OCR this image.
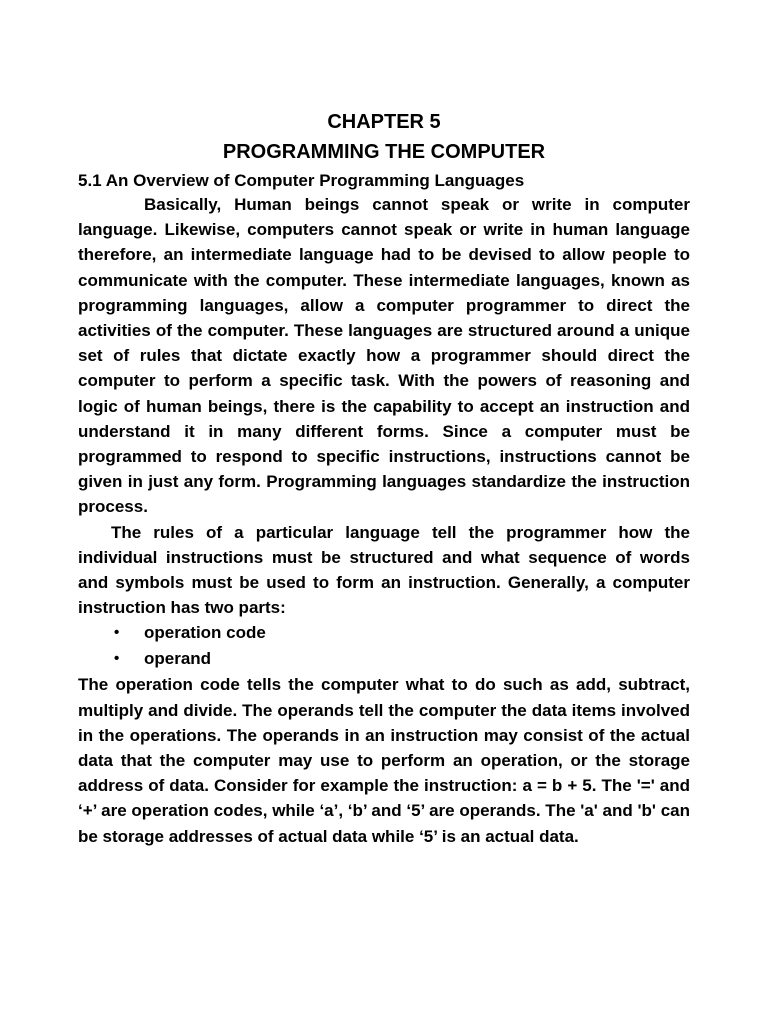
CHAPTER 5
PROGRAMMING THE COMPUTER
5.1 An Overview of Computer Programming Languages

Basically, Human beings cannot speak or write in computer language. Likewise, computers cannot speak or write in human language therefore, an intermediate language had to be devised to allow people to communicate with the computer. These intermediate languages, known as programming languages, allow a computer programmer to direct the activities of the computer. These languages are structured around a unique set of rules that dictate exactly how a programmer should direct the computer to perform a specific task. With the powers of reasoning and logic of human beings, there is the capability to accept an instruction and understand it in many different forms. Since a computer must be programmed to respond to specific instructions, instructions cannot be given in just any form. Programming languages standardize the instruction process.

The rules of a particular language tell the programmer how the individual instructions must be structured and what sequence of words and symbols must be used to form an instruction. Generally, a computer instruction has two parts:

• operation code
• operand

The operation code tells the computer what to do such as add, subtract, multiply and divide. The operands tell the computer the data items involved in the operations. The operands in an instruction may consist of the actual data that the computer may use to perform an operation, or the storage address of data. Consider for example the instruction: a = b + 5. The '=' and ‘+’ are operation codes, while ‘a’, ‘b’ and ‘5’ are operands. The 'a' and 'b' can be storage addresses of actual data while ‘5’ is an actual data.
